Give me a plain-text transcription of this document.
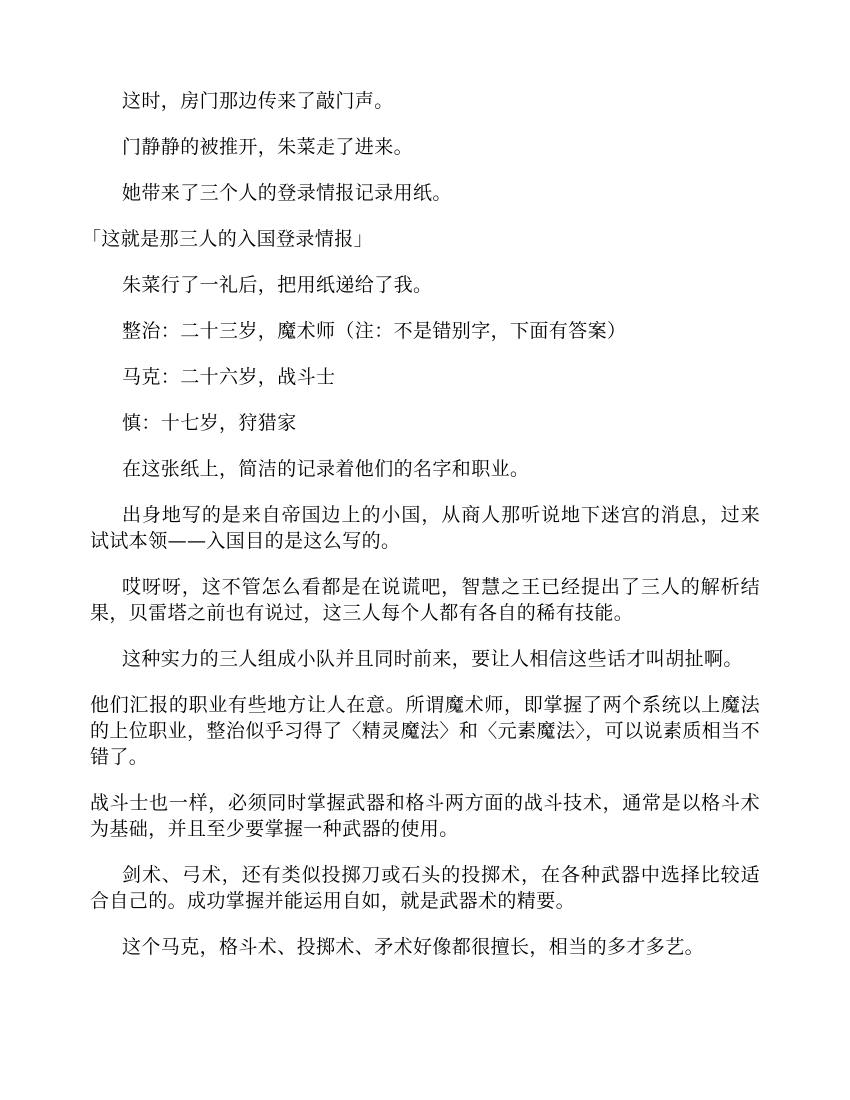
这时，房门那边传来了敲门声。

门静静的被推开，朱菜走了进来。

她带来了三个人的登录情报记录用纸。

「这就是那三人的入国登录情报」

朱菜行了一礼后，把用纸递给了我。

整治：二十三岁，魔术师（注：不是错别字，下面有答案）

马克：二十六岁，战斗士

慎：十七岁，狩猎家

在这张纸上，简洁的记录着他们的名字和职业。

出身地写的是来自帝国边上的小国，从商人那听说地下迷宫的消息，过来试试本领——入国目的是这么写的。

哎呀呀，这不管怎么看都是在说谎吧，智慧之王已经提出了三人的解析结果，贝雷塔之前也有说过，这三人每个人都有各自的稀有技能。

这种实力的三人组成小队并且同时前来，要让人相信这些话才叫胡扯啊。

他们汇报的职业有些地方让人在意。所谓魔术师，即掌握了两个系统以上魔法的上位职业，整治似乎习得了〈精灵魔法〉和〈元素魔法〉，可以说素质相当不错了。

战斗士也一样，必须同时掌握武器和格斗两方面的战斗技术，通常是以格斗术为基础，并且至少要掌握一种武器的使用。

剑术、弓术，还有类似投掷刀或石头的投掷术，在各种武器中选择比较适合自己的。成功掌握并能运用自如，就是武器术的精要。

这个马克，格斗术、投掷术、矛术好像都很擅长，相当的多才多艺。
